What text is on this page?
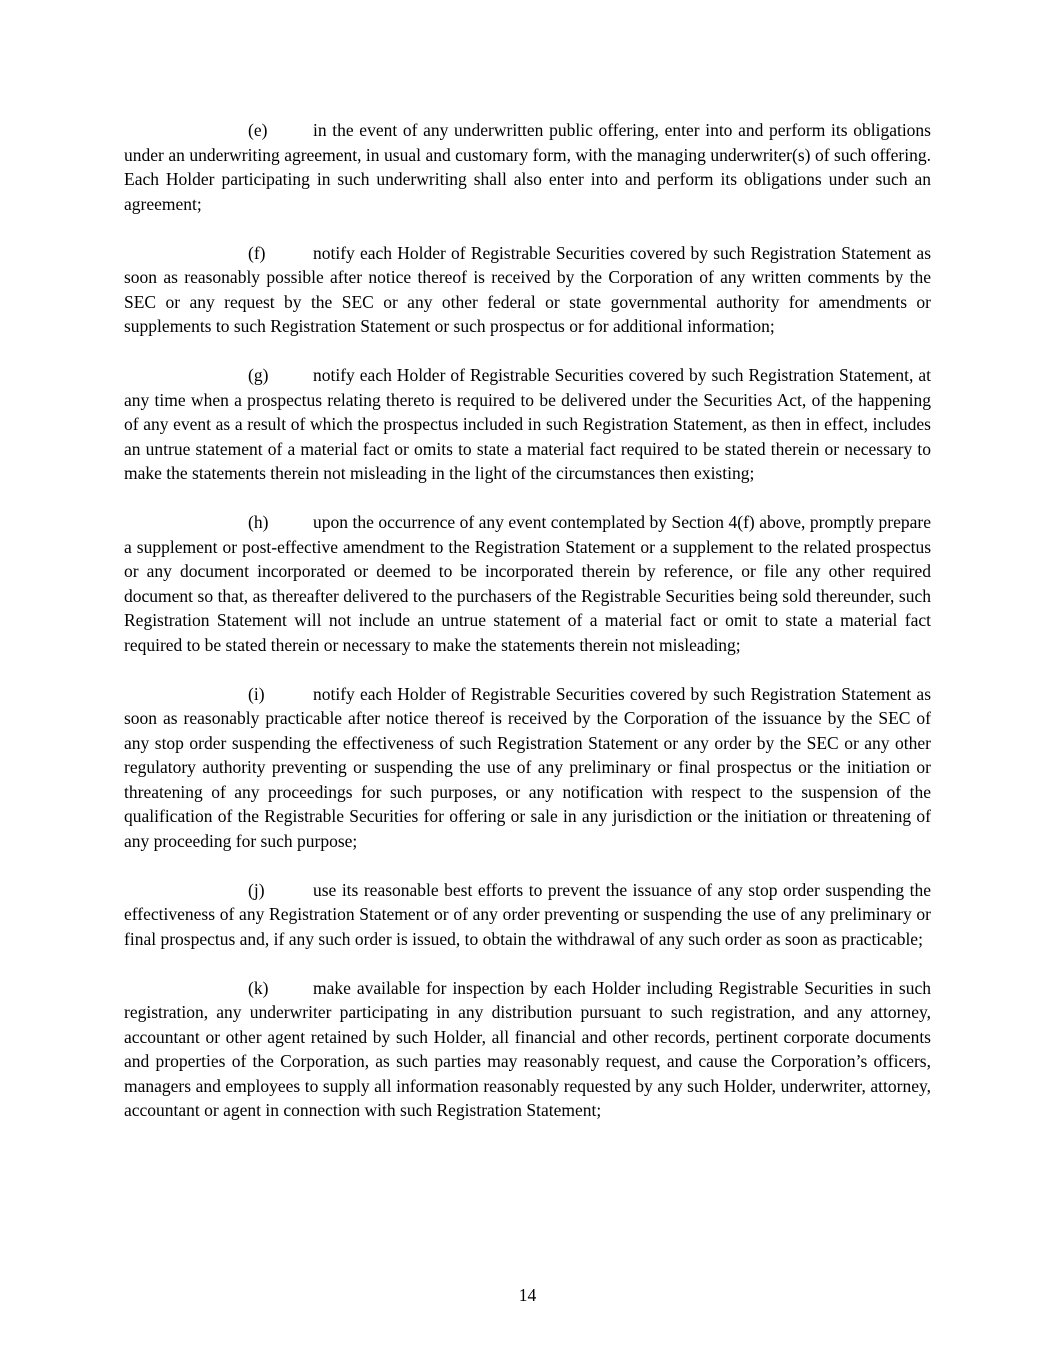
(e)	in the event of any underwritten public offering, enter into and perform its obligations under an underwriting agreement, in usual and customary form, with the managing underwriter(s) of such offering. Each Holder participating in such underwriting shall also enter into and perform its obligations under such an agreement;

(f)	notify each Holder of Registrable Securities covered by such Registration Statement as soon as reasonably possible after notice thereof is received by the Corporation of any written comments by the SEC or any request by the SEC or any other federal or state governmental authority for amendments or supplements to such Registration Statement or such prospectus or for additional information;

(g)	notify each Holder of Registrable Securities covered by such Registration Statement, at any time when a prospectus relating thereto is required to be delivered under the Securities Act, of the happening of any event as a result of which the prospectus included in such Registration Statement, as then in effect, includes an untrue statement of a material fact or omits to state a material fact required to be stated therein or necessary to make the statements therein not misleading in the light of the circumstances then existing;

(h)	upon the occurrence of any event contemplated by Section 4(f) above, promptly prepare a supplement or post-effective amendment to the Registration Statement or a supplement to the related prospectus or any document incorporated or deemed to be incorporated therein by reference, or file any other required document so that, as thereafter delivered to the purchasers of the Registrable Securities being sold thereunder, such Registration Statement will not include an untrue statement of a material fact or omit to state a material fact required to be stated therein or necessary to make the statements therein not misleading;

(i)	notify each Holder of Registrable Securities covered by such Registration Statement as soon as reasonably practicable after notice thereof is received by the Corporation of the issuance by the SEC of any stop order suspending the effectiveness of such Registration Statement or any order by the SEC or any other regulatory authority preventing or suspending the use of any preliminary or final prospectus or the initiation or threatening of any proceedings for such purposes, or any notification with respect to the suspension of the qualification of the Registrable Securities for offering or sale in any jurisdiction or the initiation or threatening of any proceeding for such purpose;

(j)	use its reasonable best efforts to prevent the issuance of any stop order suspending the effectiveness of any Registration Statement or of any order preventing or suspending the use of any preliminary or final prospectus and, if any such order is issued, to obtain the withdrawal of any such order as soon as practicable;

(k)	make available for inspection by each Holder including Registrable Securities in such registration, any underwriter participating in any distribution pursuant to such registration, and any attorney, accountant or other agent retained by such Holder, all financial and other records, pertinent corporate documents and properties of the Corporation, as such parties may reasonably request, and cause the Corporation’s officers, managers and employees to supply all information reasonably requested by any such Holder, underwriter, attorney, accountant or agent in connection with such Registration Statement;

14
